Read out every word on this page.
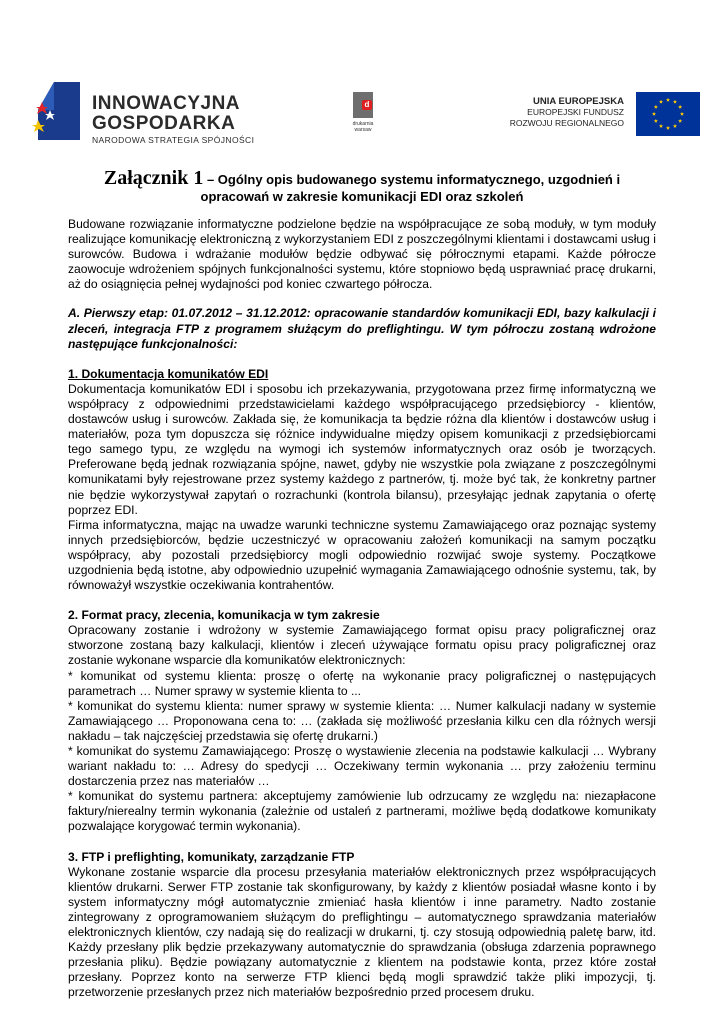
INNOWACYJNA
GOSPODARKA
NARODOWA STRATEGIA SPÓJNOŚCI
d
drukarnia warsaw
UNIA EUROPEJSKA
EUROPEJSKI FUNDUSZ
ROZWOJU REGIONALNEGO
Załącznik 1 – Ogólny opis budowanego systemu informatycznego, uzgodnień i opracowań w zakresie komunikacji EDI oraz szkoleń

Budowane rozwiązanie informatyczne podzielone będzie na współpracujące ze sobą moduły, w tym moduły realizujące komunikację elektroniczną z wykorzystaniem EDI z poszczególnymi klientami i dostawcami usług i surowców. Budowa i wdrażanie modułów będzie odbywać się półrocznymi etapami. Każde półrocze zaowocuje wdrożeniem spójnych funkcjonalności systemu, które stopniowo będą usprawniać pracę drukarni, aż do osiągnięcia pełnej wydajności pod koniec czwartego półrocza.

A. Pierwszy etap: 01.07.2012 – 31.12.2012: opracowanie standardów komunikacji EDI, bazy kalkulacji i zleceń, integracja FTP z programem służącym do preflightingu. W tym półroczu zostaną wdrożone następujące funkcjonalności:

1. Dokumentacja komunikatów EDI

Dokumentacja komunikatów EDI i sposobu ich przekazywania, przygotowana przez firmę informatyczną we współpracy z odpowiednimi przedstawicielami każdego współpracującego przedsiębiorcy - klientów, dostawców usług i surowców. Zakłada się, że komunikacja ta będzie różna dla klientów i dostawców usług i materiałów, poza tym dopuszcza się różnice indywidualne między opisem komunikacji z przedsiębiorcami tego samego typu, ze względu na wymogi ich systemów informatycznych oraz osób je tworzących. Preferowane będą jednak rozwiązania spójne, nawet, gdyby nie wszystkie pola związane z poszczególnymi komunikatami były rejestrowane przez systemy każdego z partnerów, tj. może być tak, że konkretny partner nie będzie wykorzystywał zapytań o rozrachunki (kontrola bilansu), przesyłając jednak zapytania o ofertę poprzez EDI.

Firma informatyczna, mając na uwadze warunki techniczne systemu Zamawiającego oraz poznając systemy innych przedsiębiorców, będzie uczestniczyć w opracowaniu założeń komunikacji na samym początku współpracy, aby pozostali przedsiębiorcy mogli odpowiednio rozwijać swoje systemy. Początkowe uzgodnienia będą istotne, aby odpowiednio uzupełnić wymagania Zamawiającego odnośnie systemu, tak, by równoważył wszystkie oczekiwania kontrahentów.

2. Format pracy, zlecenia, komunikacja w tym zakresie

Opracowany zostanie i wdrożony w systemie Zamawiającego format opisu pracy poligraficznej oraz stworzone zostaną bazy kalkulacji, klientów i zleceń używające formatu opisu pracy poligraficznej oraz zostanie wykonane wsparcie dla komunikatów elektronicznych:

* komunikat od systemu klienta: proszę o ofertę na wykonanie pracy poligraficznej o następujących parametrach … Numer sprawy w systemie klienta to ...

* komunikat do systemu klienta: numer sprawy w systemie klienta: … Numer kalkulacji nadany w systemie Zamawiającego … Proponowana cena to: … (zakłada się możliwość przesłania kilku cen dla różnych wersji nakładu – tak najczęściej przedstawia się ofertę drukarni.)

* komunikat do systemu Zamawiającego: Proszę o wystawienie zlecenia na podstawie kalkulacji … Wybrany wariant nakładu to: … Adresy do spedycji … Oczekiwany termin wykonania … przy założeniu terminu dostarczenia przez nas materiałów …

* komunikat do systemu partnera: akceptujemy zamówienie lub odrzucamy ze względu na: niezapłacone faktury/nierealny termin wykonania (zależnie od ustaleń z partnerami, możliwe będą dodatkowe komunikaty pozwalające korygować termin wykonania).

3. FTP i preflighting, komunikaty, zarządzanie FTP

Wykonane zostanie wsparcie dla procesu przesyłania materiałów elektronicznych przez współpracujących klientów drukarni. Serwer FTP zostanie tak skonfigurowany, by każdy z klientów posiadał własne konto i by system informatyczny mógł automatycznie zmieniać hasła klientów i inne parametry. Nadto zostanie zintegrowany z oprogramowaniem służącym do preflightingu – automatycznego sprawdzania materiałów elektronicznych klientów, czy nadają się do realizacji w drukarni, tj. czy stosują odpowiednią paletę barw, itd. Każdy przesłany plik będzie przekazywany automatycznie do sprawdzania (obsługa zdarzenia poprawnego przesłania pliku). Będzie powiązany automatycznie z klientem na podstawie konta, przez które został przesłany. Poprzez konto na serwerze FTP klienci będą mogli sprawdzić także pliki impozycji, tj. przetworzenie przesłanych przez nich materiałów bezpośrednio przed procesem druku.
